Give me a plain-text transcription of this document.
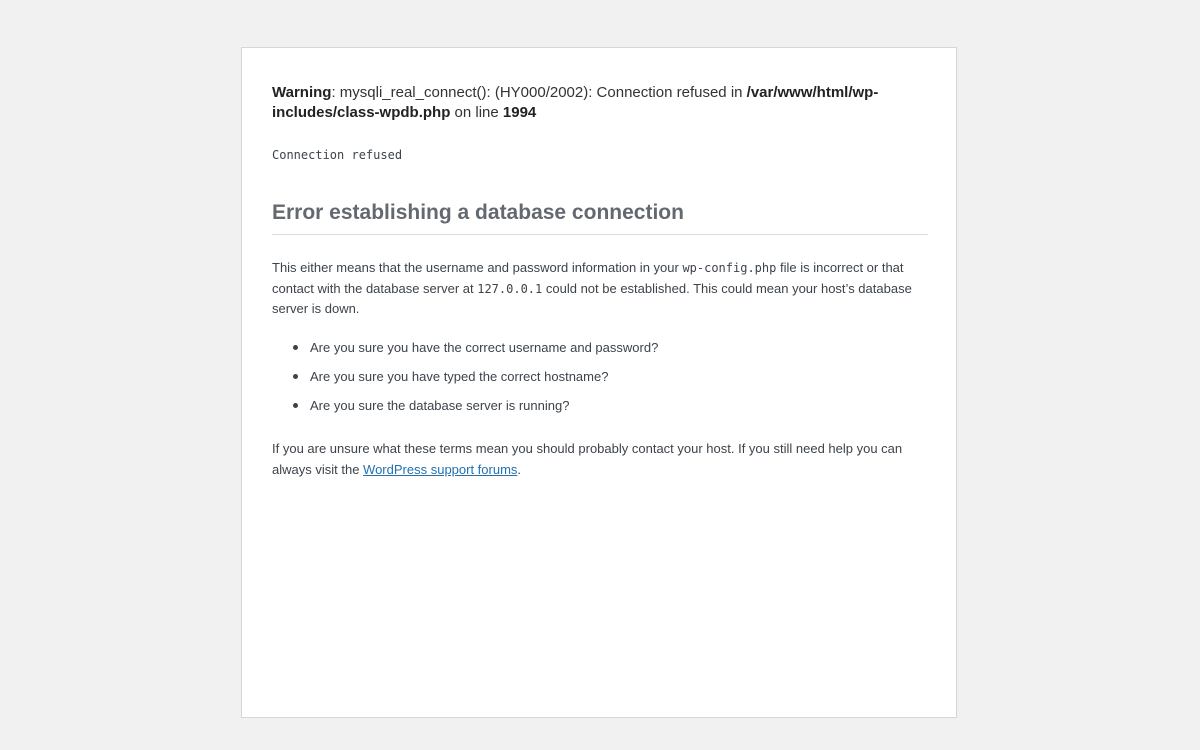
Warning: mysqli_real_connect(): (HY000/2002): Connection refused in /var/www/html/wp-includes/class-wpdb.php on line 1994
Connection refused
Error establishing a database connection

This either means that the username and password information in your wp-config.php file is incorrect or that contact with the database server at 127.0.0.1 could not be established. This could mean your host’s database server is down.

Are you sure you have the correct username and password?
Are you sure you have typed the correct hostname?
Are you sure the database server is running?

If you are unsure what these terms mean you should probably contact your host. If you still need help you can always visit the WordPress support forums.
